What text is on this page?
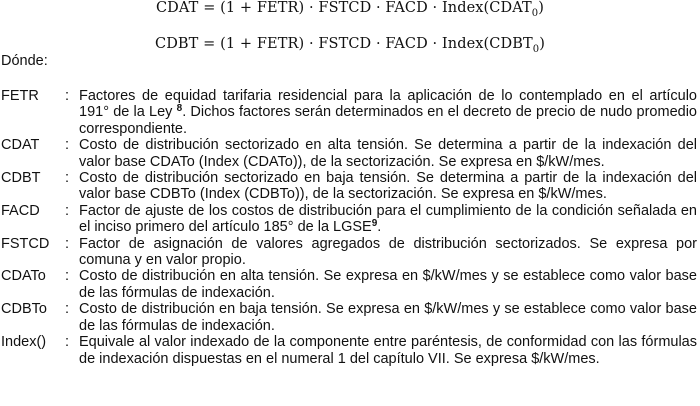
CDAT = (1 + FETR) · FSTCD · FACD · $Index(CDAT_0)$
CDBT = (1 + FETR) · FSTCD · FACD · $Index(CDBT_0)$
Dónde:
FETR	: Factores de equidad tarifaria residencial para la aplicación de lo contemplado en el artículo 191° de la Ley $^8$. Dichos factores serán determinados en el decreto de precio de nudo promedio correspondiente.
CDAT	: Costo de distribución sectorizado en alta tensión. Se determina a partir de la indexación del valor base CDATo (Index (CDATo)), de la sectorización. Se expresa en $/kW/mes.
CDBT	: Costo de distribución sectorizado en baja tensión. Se determina a partir de la indexación del valor base CDBTo (Index (CDBTo)), de la sectorización. Se expresa en $/kW/mes.
FACD	: Factor de ajuste de los costos de distribución para el cumplimiento de la condición señalada en el inciso primero del artículo 185° de la LGSE$^9$.
FSTCD	: Factor de asignación de valores agregados de distribución sectorizados. Se expresa por comuna y en valor propio.
CDATo	: Costo de distribución en alta tensión. Se expresa en $/kW/mes y se establece como valor base de las fórmulas de indexación.
CDBTo	: Costo de distribución en baja tensión. Se expresa en $/kW/mes y se establece como valor base de las fórmulas de indexación.
Index()	: Equivale al valor indexado de la componente entre paréntesis, de conformidad con las fórmulas de indexación dispuestas en el numeral 1 del capítulo VII. Se expresa $/kW/mes.
